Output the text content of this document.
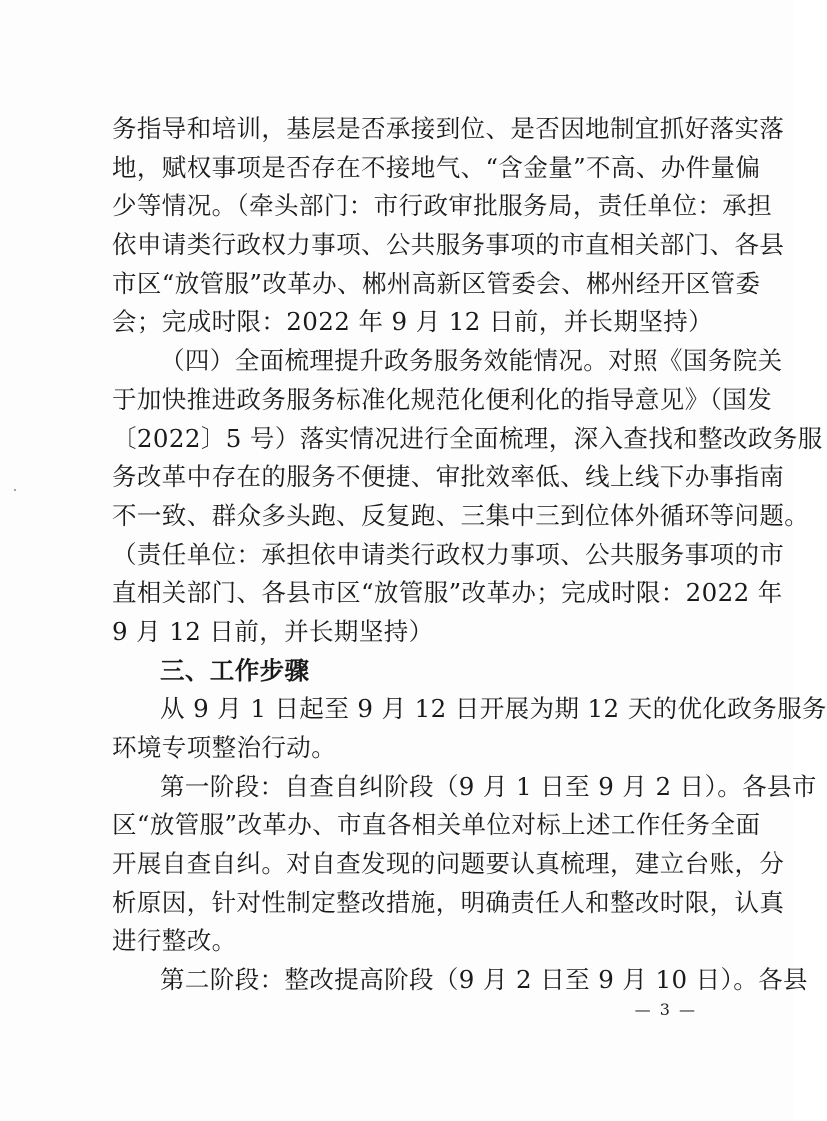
务指导和培训，基层是否承接到位、是否因地制宜抓好落实落
地，赋权事项是否存在不接地气、“含金量”不高、办件量偏
少等情况。（牵头部门：市行政审批服务局，责任单位：承担
依申请类行政权力事项、公共服务事项的市直相关部门、各县
市区“放管服”改革办、郴州高新区管委会、郴州经开区管委
会；完成时限：2022 年 9 月 12 日前，并长期坚持）
（四）全面梳理提升政务服务效能情况。对照《国务院关
于加快推进政务服务标准化规范化便利化的指导意见》（国发
〔2022〕5 号）落实情况进行全面梳理，深入查找和整改政务服
务改革中存在的服务不便捷、审批效率低、线上线下办事指南
不一致、群众多头跑、反复跑、三集中三到位体外循环等问题。
（责任单位：承担依申请类行政权力事项、公共服务事项的市
直相关部门、各县市区“放管服”改革办；完成时限：2022 年
9 月 12 日前，并长期坚持）
三、工作步骤
从 9 月 1 日起至 9 月 12 日开展为期 12 天的优化政务服务
环境专项整治行动。
第一阶段：自查自纠阶段（9 月 1 日至 9 月 2 日）。各县市
区“放管服”改革办、市直各相关单位对标上述工作任务全面
开展自查自纠。对自查发现的问题要认真梳理，建立台账，分
析原因，针对性制定整改措施，明确责任人和整改时限，认真
进行整改。
第二阶段：整改提高阶段（9 月 2 日至 9 月 10 日）。各县
— 3 —
